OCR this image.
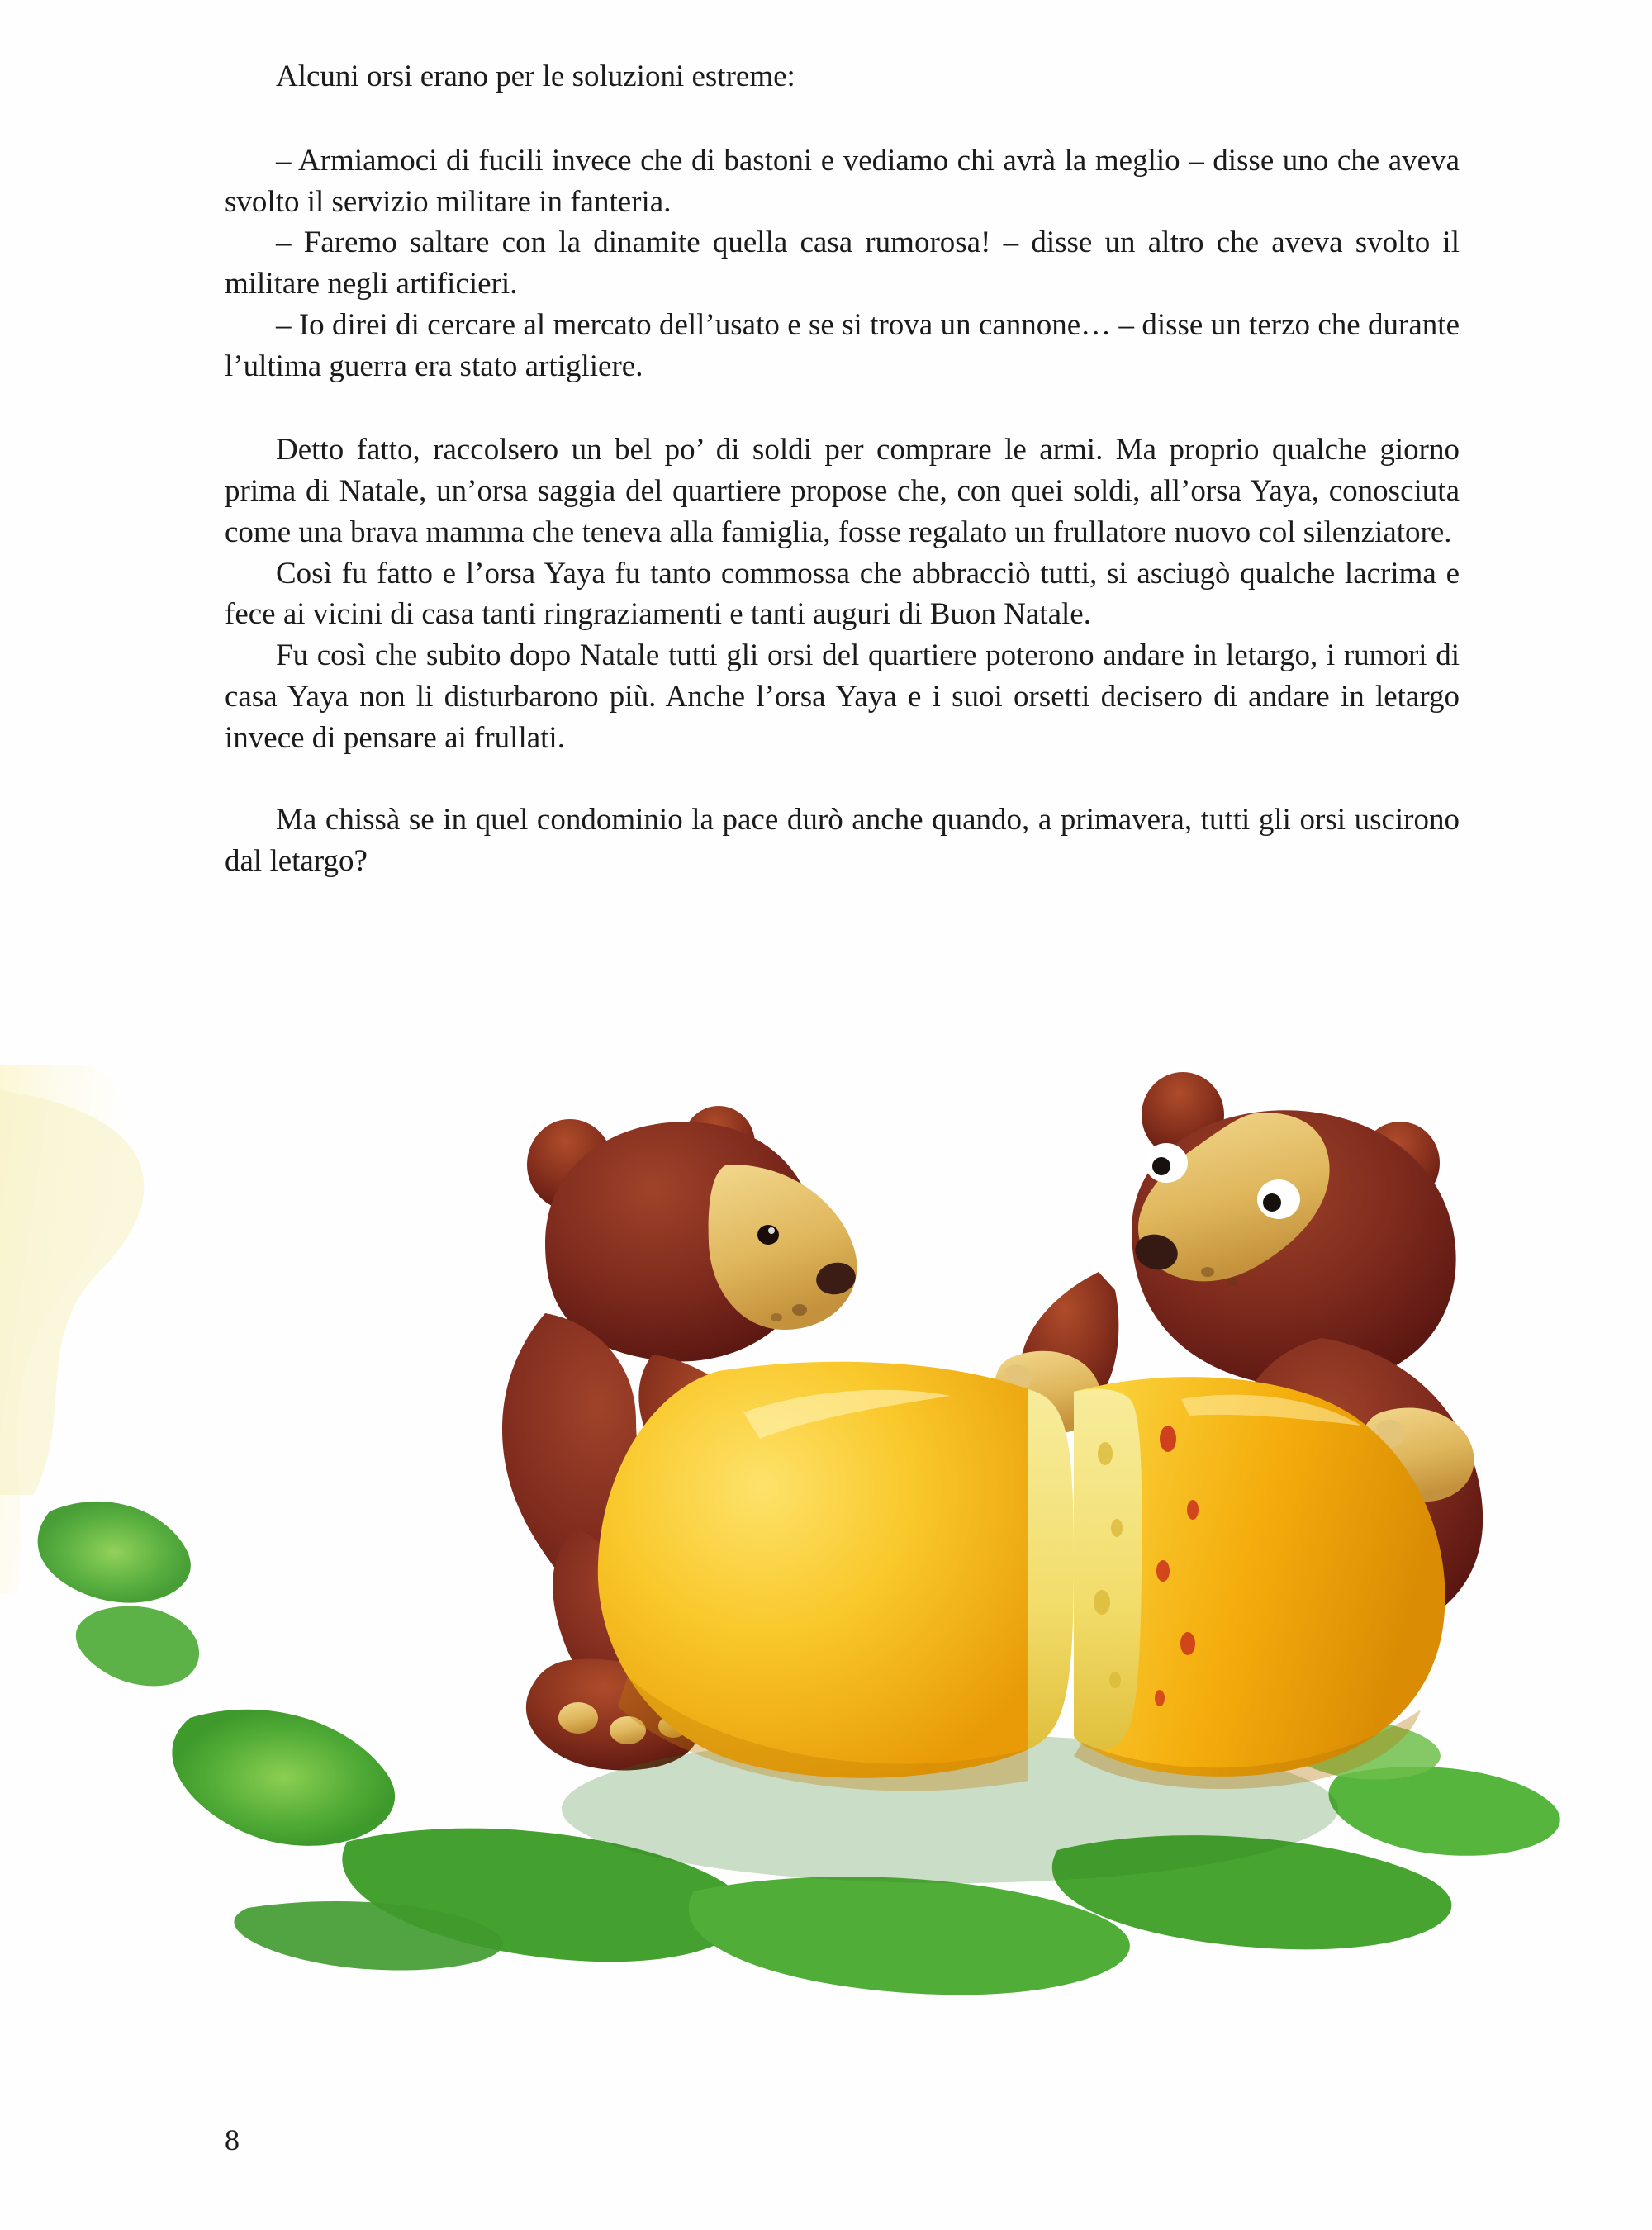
Alcuni orsi erano per le soluzioni estreme:

– Armiamoci di fucili invece che di bastoni e vediamo chi avrà la meglio – disse uno che aveva svolto il servizio militare in fanteria.

– Faremo saltare con la dinamite quella casa rumorosa! – disse un altro che aveva svolto il militare negli artificieri.

– Io direi di cercare al mercato dell’usato e se si trova un cannone… – disse un terzo che durante l’ultima guerra era stato artigliere.

Detto fatto, raccolsero un bel po’ di soldi per comprare le armi. Ma proprio qualche giorno prima di Natale, un’orsa saggia del quartiere propose che, con quei soldi, all’orsa Yaya, conosciuta come una brava mamma che teneva alla famiglia, fosse regalato un frullatore nuovo col silenziatore.

Così fu fatto e l’orsa Yaya fu tanto commossa che abbracciò tutti, si asciugò qualche lacrima e fece ai vicini di casa tanti ringraziamenti e tanti auguri di Buon Natale.

Fu così che subito dopo Natale tutti gli orsi del quartiere poterono andare in letargo, i rumori di casa Yaya non li disturbarono più. Anche l’orsa Yaya e i suoi orsetti decisero di andare in letargo invece di pensare ai frullati.

Ma chissà se in quel condominio la pace durò anche quando, a primavera, tutti gli orsi uscirono dal letargo?

8
